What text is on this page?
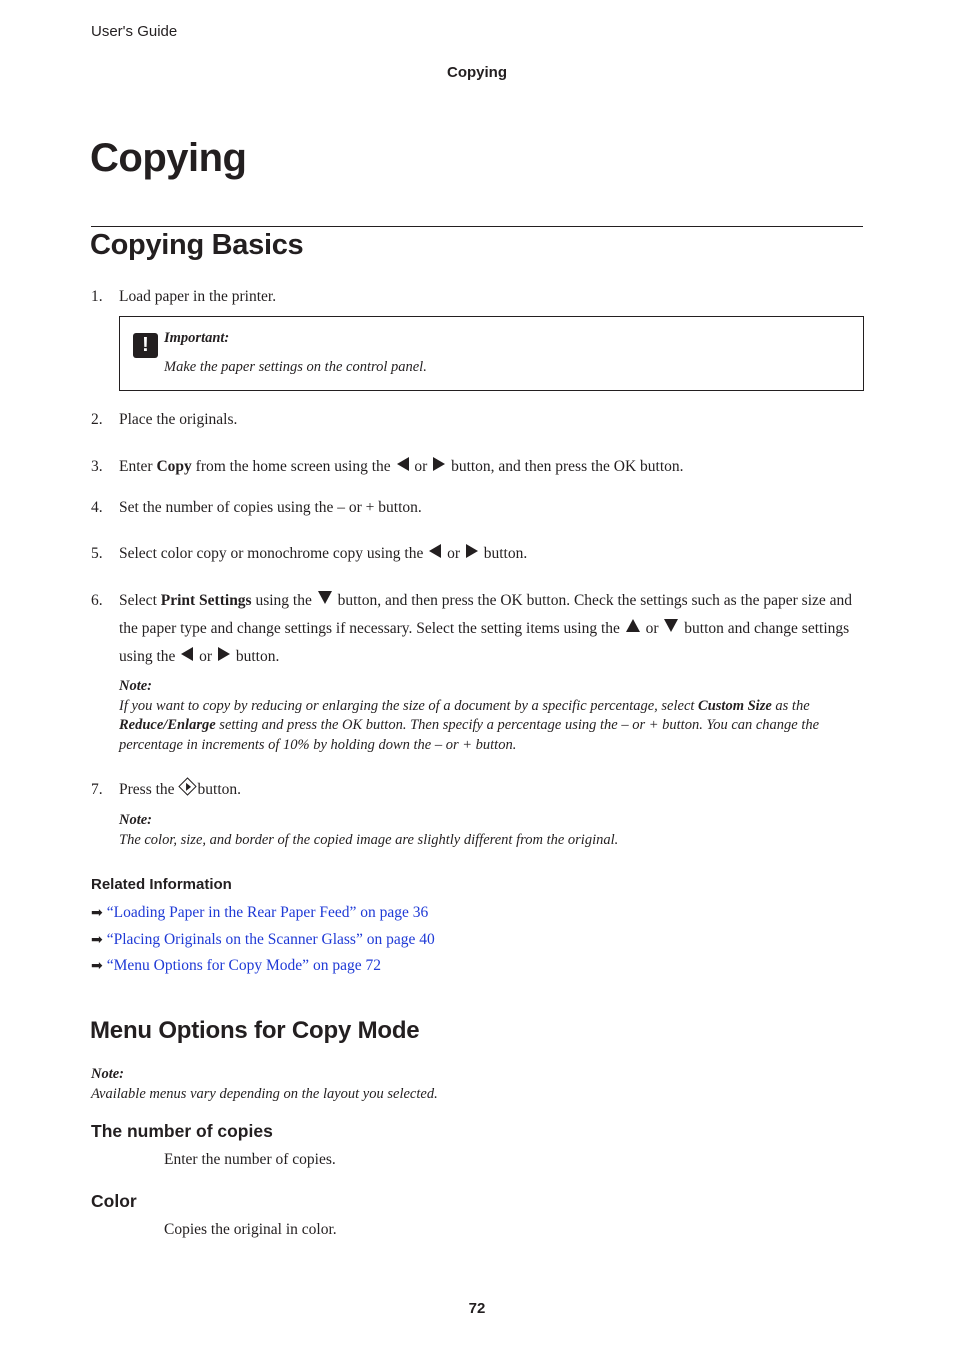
User's Guide
Copying
Copying
Copying Basics
1. Load paper in the printer.
!	Important:
Make the paper settings on the control panel.
2. Place the originals.
3. Enter Copy from the home screen using the or button, and then press the OK button.
4. Set the number of copies using the – or + button.
5. Select color copy or monochrome copy using the or button.
6. Select Print Settings using the button, and then press the OK button. Check the settings such as the paper size and the paper type and change settings if necessary. Select the setting items using the or button and change settings using the or button.
Note:
If you want to copy by reducing or enlarging the size of a document by a specific percentage, select Custom Size as the Reduce/Enlarge setting and press the OK button. Then specify a percentage using the – or + button. You can change the percentage in increments of 10% by holding down the – or + button.
7. Press the button.
Note:
The color, size, and border of the copied image are slightly different from the original.
Related Information
➡ “Loading Paper in the Rear Paper Feed” on page 36
➡ “Placing Originals on the Scanner Glass” on page 40
➡ “Menu Options for Copy Mode” on page 72
Menu Options for Copy Mode
Note:
Available menus vary depending on the layout you selected.
The number of copies
Enter the number of copies.
Color
Copies the original in color.
72
